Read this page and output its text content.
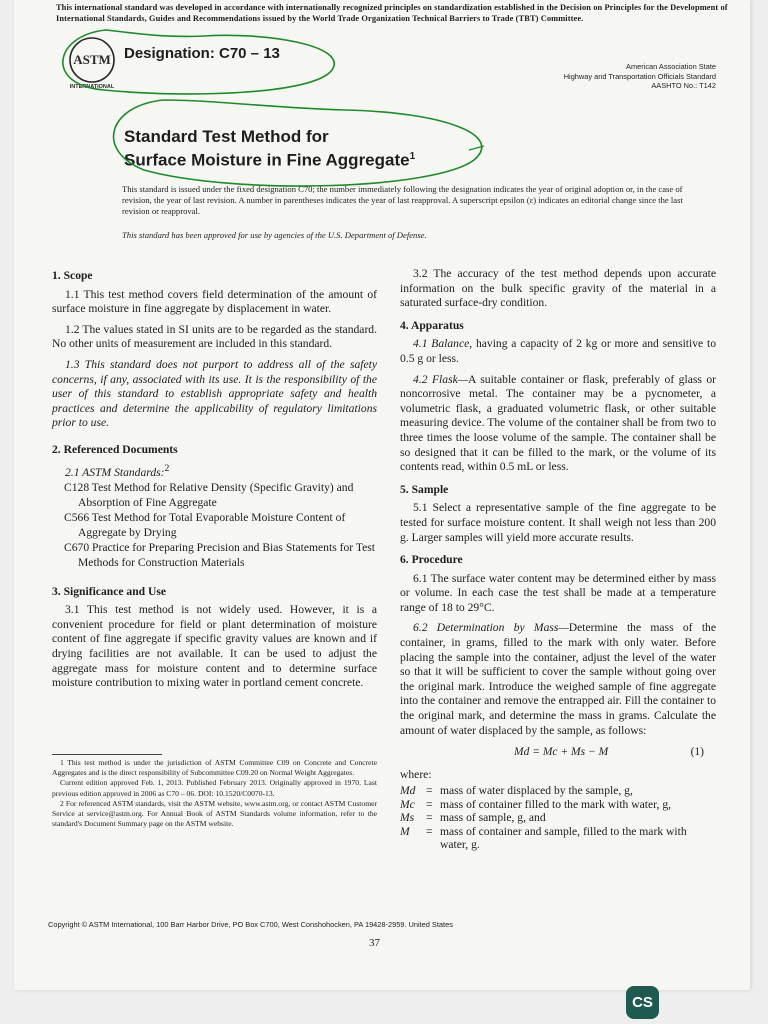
This international standard was developed in accordance with internationally recognized principles on standardization established in the Decision on Principles for the Development of International Standards, Guides and Recommendations issued by the World Trade Organization Technical Barriers to Trade (TBT) Committee.
ASTM
INTERNATIONAL
Designation: C70 – 13
American Association State
Highway and Transportation Officials Standard
AASHTO No.: T142
Standard Test Method for
Surface Moisture in Fine Aggregate$^1$
This standard is issued under the fixed designation C70; the number immediately following the designation indicates the year of original adoption or, in the case of revision, the year of last revision. A number in parentheses indicates the year of last reapproval. A superscript epsilon (ε) indicates an editorial change since the last revision or reapproval.
This standard has been approved for use by agencies of the U.S. Department of Defense.
1. Scope

1.1 This test method covers field determination of the amount of surface moisture in fine aggregate by displacement in water.

1.2 The values stated in SI units are to be regarded as the standard. No other units of measurement are included in this standard.

1.3 This standard does not purport to address all of the safety concerns, if any, associated with its use. It is the responsibility of the user of this standard to establish appropriate safety and health practices and determine the applicability of regulatory limitations prior to use.

2. Referenced Documents

2.1 ASTM Standards:$^2$

C128 Test Method for Relative Density (Specific Gravity) and Absorption of Fine Aggregate

C566 Test Method for Total Evaporable Moisture Content of Aggregate by Drying

C670 Practice for Preparing Precision and Bias Statements for Test Methods for Construction Materials

3. Significance and Use

3.1 This test method is not widely used. However, it is a convenient procedure for field or plant determination of moisture content of fine aggregate if specific gravity values are known and if drying facilities are not available. It can be used to adjust the aggregate mass for moisture content and to determine surface moisture contribution to mixing water in portland cement concrete.

1 This test method is under the jurisdiction of ASTM Committee C09 on Concrete and Concrete Aggregates and is the direct responsibility of Subcommittee C09.20 on Normal Weight Aggregates.

Current edition approved Feb. 1, 2013. Published February 2013. Originally approved in 1970. Last previous edition approved in 2006 as C70 – 06. DOI: 10.1520/C0070-13.

2 For referenced ASTM standards, visit the ASTM website, www.astm.org, or contact ASTM Customer Service at service@astm.org. For Annual Book of ASTM Standards volume information, refer to the standard's Document Summary page on the ASTM website.

3.2 The accuracy of the test method depends upon accurate information on the bulk specific gravity of the material in a saturated surface-dry condition.

4. Apparatus

4.1 Balance, having a capacity of 2 kg or more and sensitive to 0.5 g or less.

4.2 Flask—A suitable container or flask, preferably of glass or noncorrosive metal. The container may be a pycnometer, a volumetric flask, a graduated volumetric flask, or other suitable measuring device. The volume of the container shall be from two to three times the loose volume of the sample. The container shall be so designed that it can be filled to the mark, or the volume of its contents read, within 0.5 mL or less.

5. Sample

5.1 Select a representative sample of the fine aggregate to be tested for surface moisture content. It shall weigh not less than 200 g. Larger samples will yield more accurate results.

6. Procedure

6.1 The surface water content may be determined either by mass or volume. In each case the test shall be made at a temperature range of 18 to 29°C.

6.2 Determination by Mass—Determine the mass of the container, in grams, filled to the mark with only water. Before placing the sample into the container, adjust the level of the water so that it will be sufficient to cover the sample without going over the original mark. Introduce the weighed sample of fine aggregate into the container and remove the entrapped air. Fill the container to the original mark, and determine the mass in grams. Calculate the amount of water displaced by the sample, as follows:

Md = Mc + Ms − M	(1)
where:
Md = mass of water displaced by the sample, g,
Mc = mass of container filled to the mark with water, g,
Ms	= mass of sample, g, and
M	= mass of container and sample, filled to the mark with water, g.
Copyright © ASTM International, 100 Barr Harbor Drive, PO Box C700, West Conshohocken, PA 19428-2959. United States
37
CS
